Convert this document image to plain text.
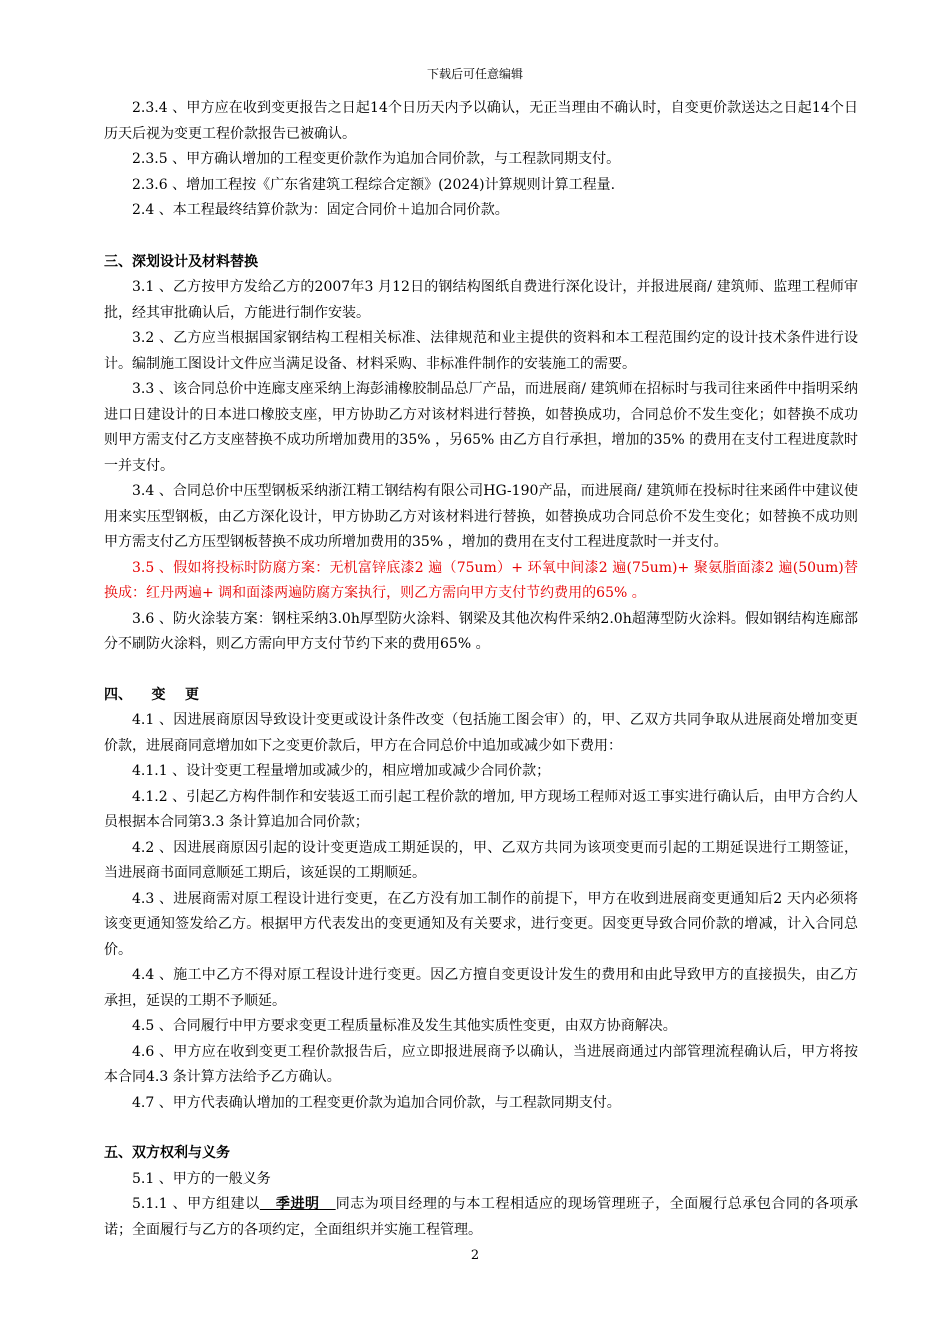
下载后可任意编辑

2.3.4 、甲方应在收到变更报告之日起14个日历天内予以确认，无正当理由不确认时，自变更价款送达之日起14个日历天后视为变更工程价款报告已被确认。

2.3.5 、甲方确认增加的工程变更价款作为追加合同价款，与工程款同期支付。

2.3.6 、增加工程按《广东省建筑工程综合定额》(2024)计算规则计算工程量.

2.4 、本工程最终结算价款为：固定合同价＋追加合同价款。

三、深划设计及材料替换

3.1 、乙方按甲方发给乙方的2007年3 月12日的钢结构图纸自费进行深化设计，并报进展商/ 建筑师、监理工程师审批，经其审批确认后，方能进行制作安装。

3.2 、乙方应当根据国家钢结构工程相关标准、法律规范和业主提供的资料和本工程范围约定的设计技术条件进行设计。编制施工图设计文件应当满足设备、材料采购、非标准件制作的安装施工的需要。

3.3 、该合同总价中连廊支座采纳上海彭浦橡胶制品总厂产品，而进展商/ 建筑师在招标时与我司往来函件中指明采纳进口日建设计的日本进口橡胶支座，甲方协助乙方对该材料进行替换，如替换成功，合同总价不发生变化；如替换不成功则甲方需支付乙方支座替换不成功所增加费用的35% ，另65% 由乙方自行承担，增加的35% 的费用在支付工程进度款时一并支付。

3.4 、合同总价中压型钢板采纳浙江精工钢结构有限公司HG-190产品，而进展商/ 建筑师在投标时往来函件中建议使用来实压型钢板，由乙方深化设计，甲方协助乙方对该材料进行替换，如替换成功合同总价不发生变化；如替换不成功则甲方需支付乙方压型钢板替换不成功所增加费用的35% ，增加的费用在支付工程进度款时一并支付。

3.5 、假如将投标时防腐方案：无机富锌底漆2 遍（75um）+ 环氧中间漆2 遍(75um)+ 聚氨脂面漆2 遍(50um)替换成：红丹两遍+ 调和面漆两遍防腐方案执行，则乙方需向甲方支付节约费用的65% 。

3.6 、防火涂装方案：钢柱采纳3.0h厚型防火涂料、钢梁及其他次构件采纳2.0h超薄型防火涂料。假如钢结构连廊部分不刷防火涂料，则乙方需向甲方支付节约下来的费用65% 。

四、    变    更

4.1 、因进展商原因导致设计变更或设计条件改变（包括施工图会审）的，甲、乙双方共同争取从进展商处增加变更价款，进展商同意增加如下之变更价款后，甲方在合同总价中追加或减少如下费用：

4.1.1 、设计变更工程量增加或减少的，相应增加或减少合同价款；

4.1.2 、引起乙方构件制作和安装返工而引起工程价款的增加, 甲方现场工程师对返工事实进行确认后，由甲方合约人员根据本合同第3.3 条计算追加合同价款；

4.2 、因进展商原因引起的设计变更造成工期延误的，甲、乙双方共同为该项变更而引起的工期延误进行工期签证，当进展商书面同意顺延工期后，该延误的工期顺延。

4.3 、进展商需对原工程设计进行变更，在乙方没有加工制作的前提下，甲方在收到进展商变更通知后2 天内必须将该变更通知签发给乙方。根据甲方代表发出的变更通知及有关要求，进行变更。因变更导致合同价款的增减，计入合同总价。

4.4 、施工中乙方不得对原工程设计进行变更。因乙方擅自变更设计发生的费用和由此导致甲方的直接损失，由乙方承担，延误的工期不予顺延。

4.5 、合同履行中甲方要求变更工程质量标准及发生其他实质性变更，由双方协商解决。

4.6 、甲方应在收到变更工程价款报告后，应立即报进展商予以确认，当进展商通过内部管理流程确认后，甲方将按本合同4.3 条计算方法给予乙方确认。

4.7 、甲方代表确认增加的工程变更价款为追加合同价款，与工程款同期支付。

五、双方权利与义务

5.1 、甲方的一般义务

5.1.1 、甲方组建以   季进明   同志为项目经理的与本工程相适应的现场管理班子，全面履行总承包合同的各项承诺；全面履行与乙方的各项约定，全面组织并实施工程管理。

2
